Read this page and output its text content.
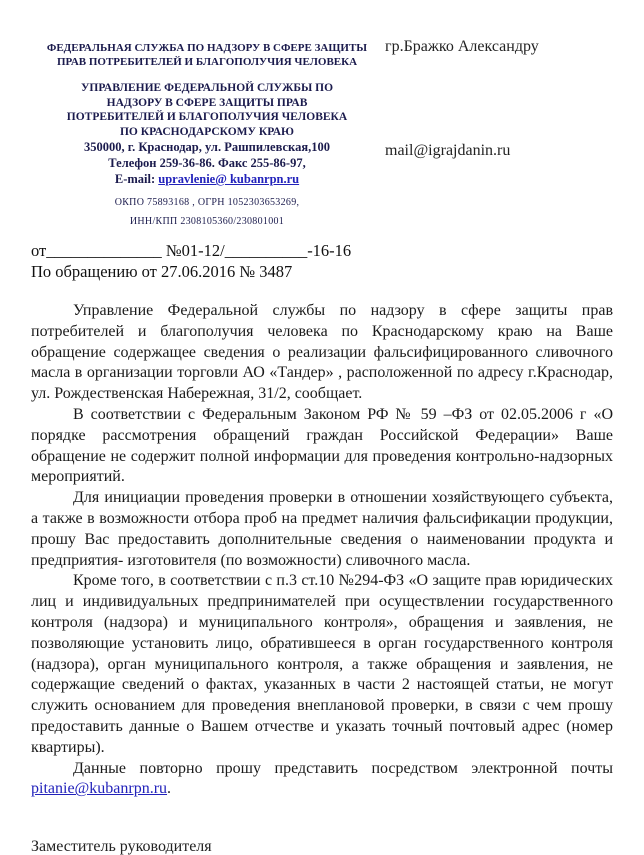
ФЕДЕРАЛЬНАЯ СЛУЖБА ПО НАДЗОРУ В СФЕРЕ ЗАЩИТЫ ПРАВ ПОТРЕБИТЕЛЕЙ И БЛАГОПОЛУЧИЯ ЧЕЛОВЕКА
УПРАВЛЕНИЕ ФЕДЕРАЛЬНОЙ СЛУЖБЫ ПО НАДЗОРУ В СФЕРЕ ЗАЩИТЫ ПРАВ ПОТРЕБИТЕЛЕЙ И БЛАГОПОЛУЧИЯ ЧЕЛОВЕКА ПО КРАСНОДАРСКОМУ КРАЮ
350000, г. Краснодар, ул. Рашпилевская,100
Телефон 259-36-86. Факс 255-86-97,
E-mail: upravlenie@ kubanrpn.ru
ОКПО 75893168 , ОГРН 1052303653269,
ИНН/КПП 2308105360/230801001
гр.Бражко Александру
mail@igrajdanin.ru
от______________ №01-12/__________-16-16
По обращению от 27.06.2016 № 3487

Управление Федеральной службы по надзору в сфере защиты прав потребителей и благополучия человека по Краснодарскому краю на Ваше обращение содержащее сведения о реализации фальсифицированного сливочного масла в организации торговли АО «Тандер» , расположенной по адресу г.Краснодар, ул. Рождественская Набережная, 31/2, сообщает.

В соответствии с Федеральным Законом РФ № 59 –ФЗ от 02.05.2006 г «О порядке рассмотрения обращений граждан Российской Федерации» Ваше обращение не содержит полной информации для проведения контрольно-надзорных мероприятий.

Для инициации проведения проверки в отношении хозяйствующего субъекта, а также в возможности отбора проб на предмет наличия фальсификации продукции, прошу Вас предоставить дополнительные сведения о наименовании продукта и предприятия- изготовителя (по возможности) сливочного масла.

Кроме того, в соответствии с п.3 ст.10 №294-ФЗ «О защите прав юридических лиц и индивидуальных предпринимателей при осуществлении государственного контроля (надзора) и муниципального контроля», обращения и заявления, не позволяющие установить лицо, обратившееся в орган государственного контроля (надзора), орган муниципального контроля, а также обращения и заявления, не содержащие сведений о фактах, указанных в части 2 настоящей статьи, не могут служить основанием для проведения внеплановой проверки, в связи с чем прошу предоставить данные о Вашем отчестве и указать точный почтовый адрес (номер квартиры).

Данные повторно прошу представить посредством электронной почты pitanie@kubanrpn.ru.

Заместитель руководителя
